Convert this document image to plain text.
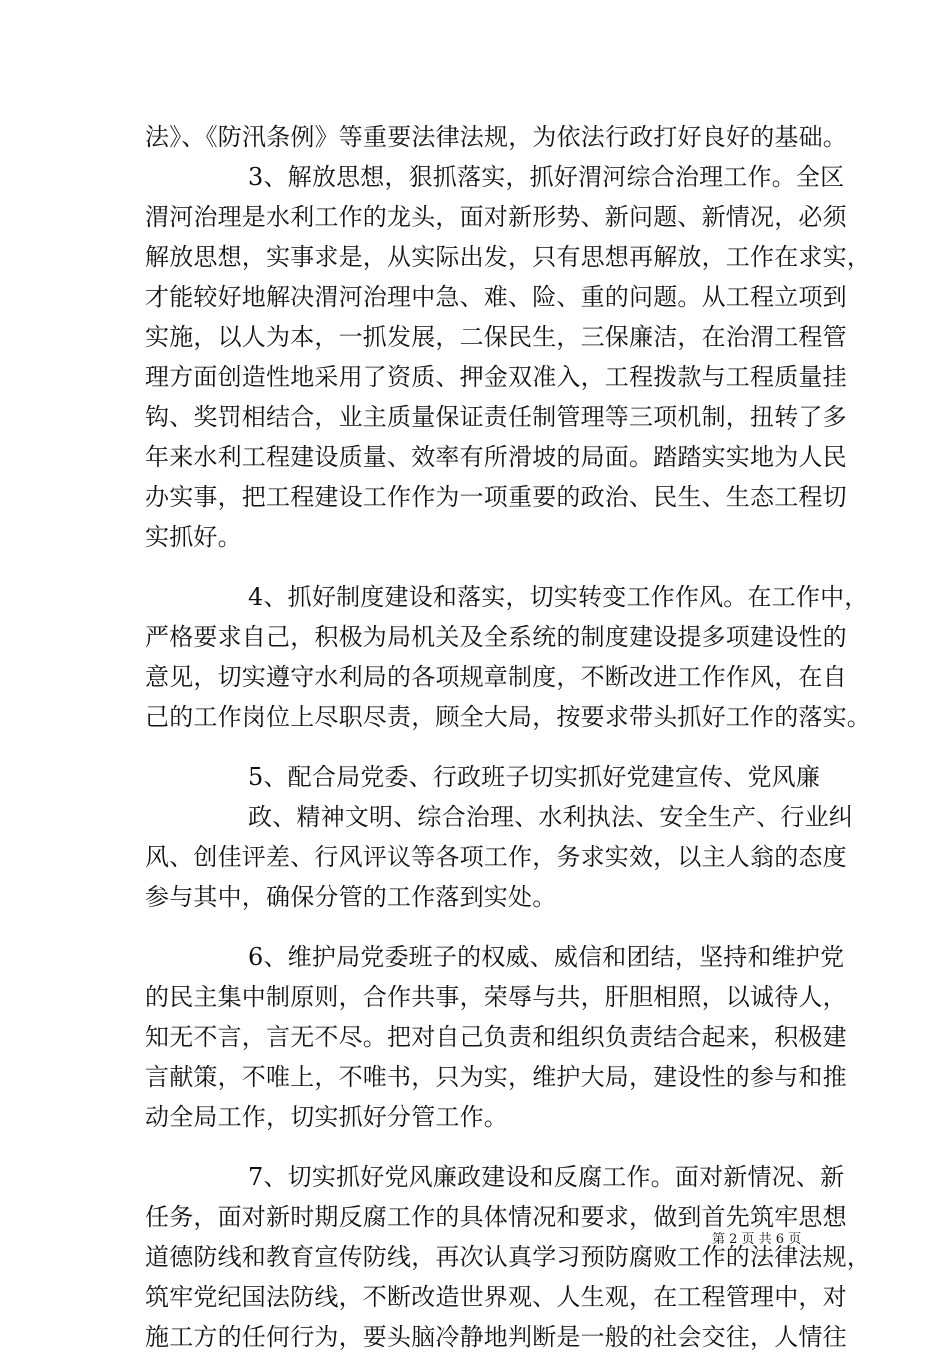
法》、《防汛条例》等重要法律法规，为依法行政打好良好的基础。
3、解放思想，狠抓落实，抓好渭河综合治理工作。全区
渭河治理是水利工作的龙头，面对新形势、新问题、新情况，必须
解放思想，实事求是，从实际出发，只有思想再解放，工作在求实，
才能较好地解决渭河治理中急、难、险、重的问题。从工程立项到
实施，以人为本，一抓发展，二保民生，三保廉洁，在治渭工程管
理方面创造性地采用了资质、押金双准入，工程拨款与工程质量挂
钩、奖罚相结合，业主质量保证责任制管理等三项机制，扭转了多
年来水利工程建设质量、效率有所滑坡的局面。踏踏实实地为人民
办实事，把工程建设工作作为一项重要的政治、民生、生态工程切
实抓好。
4、抓好制度建设和落实，切实转变工作作风。在工作中，
严格要求自己，积极为局机关及全系统的制度建设提多项建设性的
意见，切实遵守水利局的各项规章制度，不断改进工作作风，在自
己的工作岗位上尽职尽责，顾全大局，按要求带头抓好工作的落实。
5、配合局党委、行政班子切实抓好党建宣传、党风廉
政、精神文明、综合治理、水利执法、安全生产、行业纠
风、创佳评差、行风评议等各项工作，务求实效，以主人翁的态度
参与其中，确保分管的工作落到实处。
6、维护局党委班子的权威、威信和团结，坚持和维护党
的民主集中制原则，合作共事，荣辱与共，肝胆相照，以诚待人，
知无不言，言无不尽。把对自己负责和组织负责结合起来，积极建
言献策，不唯上，不唯书，只为实，维护大局，建设性的参与和推
动全局工作，切实抓好分管工作。
7、切实抓好党风廉政建设和反腐工作。面对新情况、新
任务，面对新时期反腐工作的具体情况和要求，做到首先筑牢思想
道德防线和教育宣传防线，再次认真学习预防腐败工作的法律法规，
筑牢党纪国法防线，不断改造世界观、人生观，在工程管理中，对
施工方的任何行为，要头脑冷静地判断是一般的社会交往，人情往
第 2 页 共 6 页
